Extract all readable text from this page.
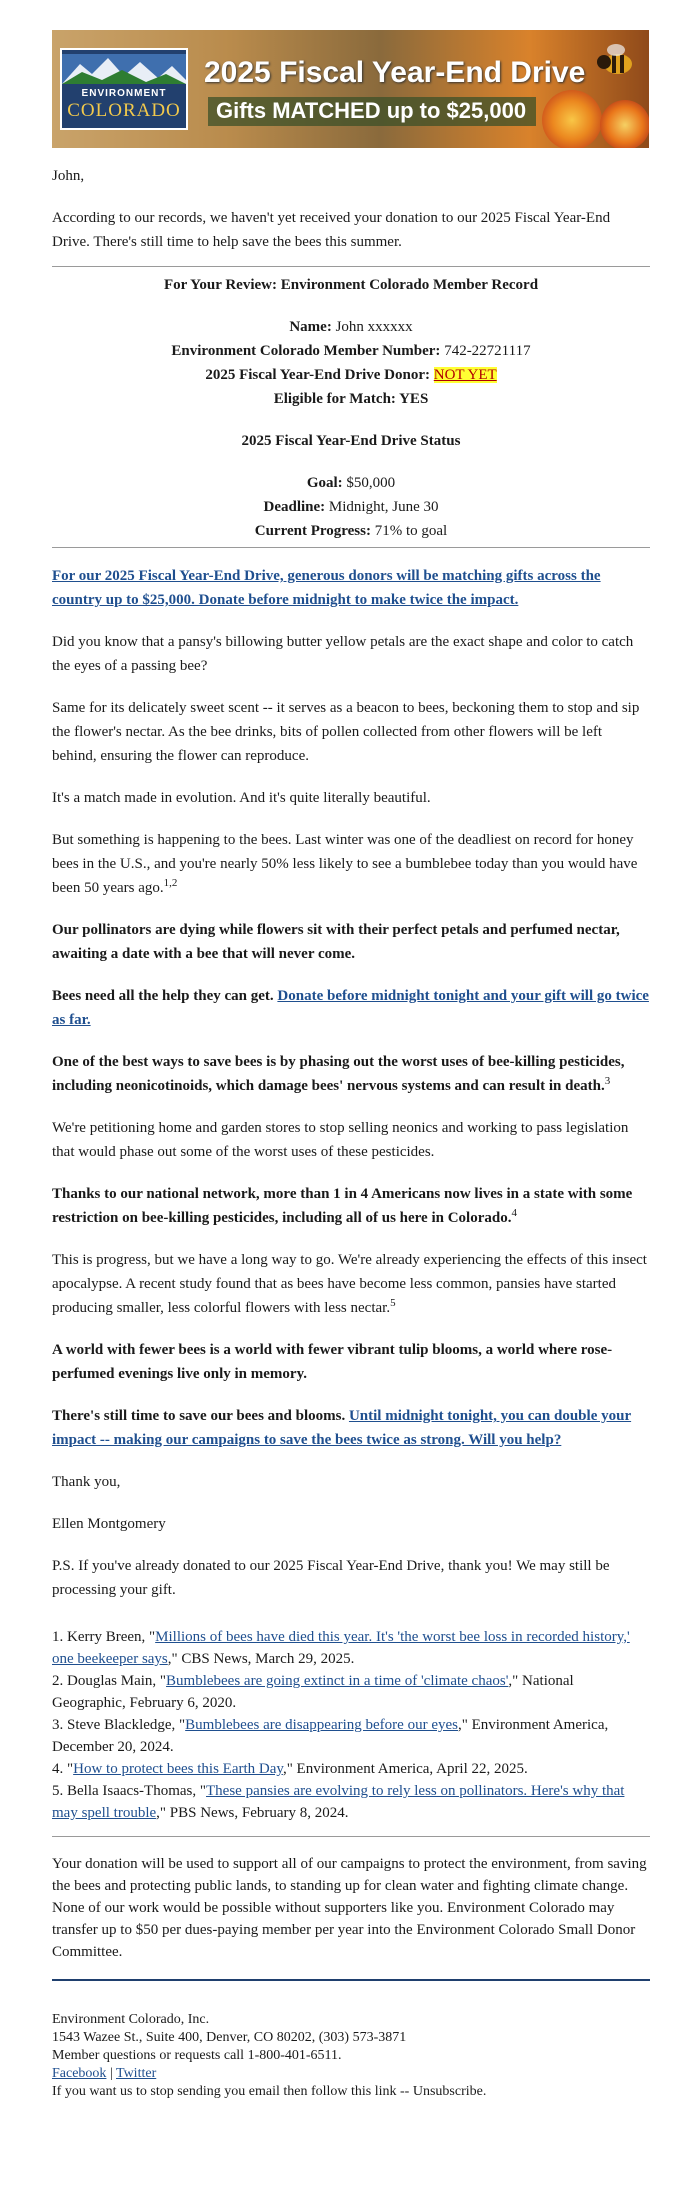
ENVIRONMENT
COLORADO
2025 Fiscal Year-End Drive
Gifts MATCHED up to $25,000

John,

According to our records, we haven't yet received your donation to our 2025 Fiscal Year-End Drive. There's still time to help save the bees this summer.

For Your Review: Environment Colorado Member Record

Name: John xxxxxx

Environment Colorado Member Number: 742-22721117

2025 Fiscal Year-End Drive Donor: NOT YET

Eligible for Match: YES

2025 Fiscal Year-End Drive Status

Goal: $50,000

Deadline: Midnight, June 30

Current Progress: 71% to goal

For our 2025 Fiscal Year-End Drive, generous donors will be matching gifts across the country up to $25,000. Donate before midnight to make twice the impact.

Did you know that a pansy's billowing butter yellow petals are the exact shape and color to catch the eyes of a passing bee?

Same for its delicately sweet scent -- it serves as a beacon to bees, beckoning them to stop and sip the flower's nectar. As the bee drinks, bits of pollen collected from other flowers will be left behind, ensuring the flower can reproduce.

It's a match made in evolution. And it's quite literally beautiful.

But something is happening to the bees. Last winter was one of the deadliest on record for honey bees in the U.S., and you're nearly 50% less likely to see a bumblebee today than you would have been 50 years ago.$^{1,2}$

Our pollinators are dying while flowers sit with their perfect petals and perfumed nectar, awaiting a date with a bee that will never come.

Bees need all the help they can get. Donate before midnight tonight and your gift will go twice as far.

One of the best ways to save bees is by phasing out the worst uses of bee-killing pesticides, including neonicotinoids, which damage bees' nervous systems and can result in death.$^3$

We're petitioning home and garden stores to stop selling neonics and working to pass legislation that would phase out some of the worst uses of these pesticides.

Thanks to our national network, more than 1 in 4 Americans now lives in a state with some restriction on bee-killing pesticides, including all of us here in Colorado.$^4$

This is progress, but we have a long way to go. We're already experiencing the effects of this insect apocalypse. A recent study found that as bees have become less common, pansies have started producing smaller, less colorful flowers with less nectar.$^5$

A world with fewer bees is a world with fewer vibrant tulip blooms, a world where rose-perfumed evenings live only in memory.

There's still time to save our bees and blooms. Until midnight tonight, you can double your impact -- making our campaigns to save the bees twice as strong. Will you help?

Thank you,

Ellen Montgomery

P.S. If you've already donated to our 2025 Fiscal Year-End Drive, thank you! We may still be processing your gift.

1. Kerry Breen, "Millions of bees have died this year. It's 'the worst bee loss in recorded history,' one beekeeper says," CBS News, March 29, 2025.

2. Douglas Main, "Bumblebees are going extinct in a time of 'climate chaos'," National Geographic, February 6, 2020.

3. Steve Blackledge, "Bumblebees are disappearing before our eyes," Environment America, December 20, 2024.

4. "How to protect bees this Earth Day," Environment America, April 22, 2025.

5. Bella Isaacs-Thomas, "These pansies are evolving to rely less on pollinators. Here's why that may spell trouble," PBS News, February 8, 2024.

Your donation will be used to support all of our campaigns to protect the environment, from saving the bees and protecting public lands, to standing up for clean water and fighting climate change. None of our work would be possible without supporters like you. Environment Colorado may transfer up to $50 per dues-paying member per year into the Environment Colorado Small Donor Committee.

Environment Colorado, Inc.

1543 Wazee St., Suite 400, Denver, CO 80202, (303) 573-3871

Member questions or requests call 1-800-401-6511.

Facebook | Twitter

If you want us to stop sending you email then follow this link -- Unsubscribe.
